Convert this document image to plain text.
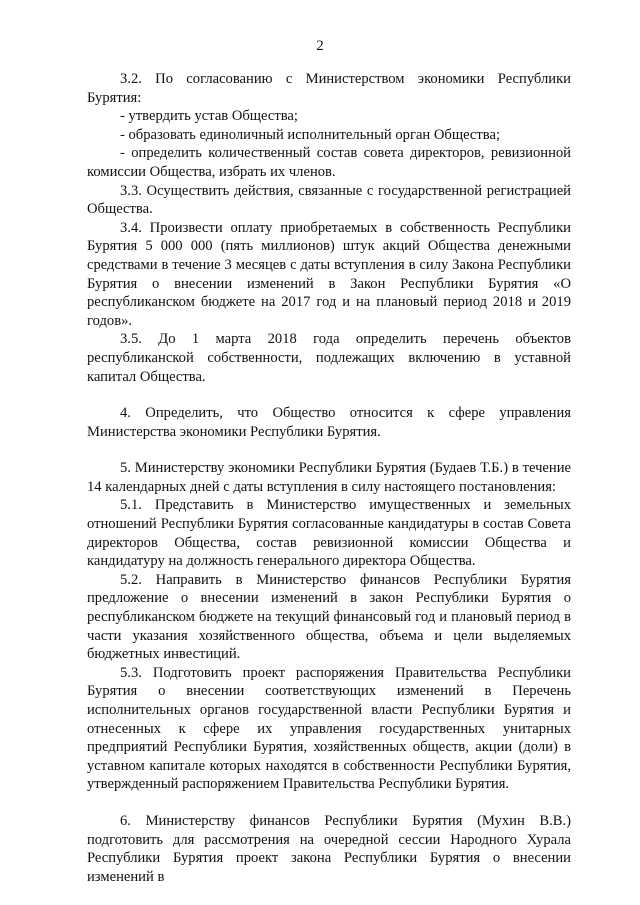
2

3.2. По согласованию с Министерством экономики Республики Бурятия:

- утвердить устав Общества;

- образовать единоличный исполнительный орган Общества;

- определить количественный состав совета директоров, ревизионной комиссии Общества, избрать их членов.

3.3. Осуществить действия, связанные с государственной регистрацией Общества.

3.4. Произвести оплату приобретаемых в собственность Республики Бурятия 5 000 000 (пять миллионов) штук акций Общества денежными средствами в течение 3 месяцев с даты вступления в силу Закона Республики Бурятия о внесении изменений в Закон Республики Бурятия «О республиканском бюджете на 2017 год и на плановый период 2018 и 2019 годов».

3.5. До 1 марта 2018 года определить перечень объектов республиканской собственности, подлежащих включению в уставной капитал Общества.

4. Определить, что Общество относится к сфере управления Министерства экономики Республики Бурятия.

5. Министерству экономики Республики Бурятия (Будаев Т.Б.) в течение 14 календарных дней с даты вступления в силу настоящего постановления:

5.1. Представить в Министерство имущественных и земельных отношений Республики Бурятия согласованные кандидатуры в состав Совета директоров Общества, состав ревизионной комиссии Общества и кандидатуру на должность генерального директора Общества.

5.2. Направить в Министерство финансов Республики Бурятия предложение о внесении изменений в закон Республики Бурятия о республиканском бюджете на текущий финансовый год и плановый период в части указания хозяйственного общества, объема и цели выделяемых бюджетных инвестиций.

5.3. Подготовить проект распоряжения Правительства Республики Бурятия о внесении соответствующих изменений в Перечень исполнительных органов государственной власти Республики Бурятия и отнесенных к сфере их управления государственных унитарных предприятий Республики Бурятия, хозяйственных обществ, акции (доли) в уставном капитале которых находятся в собственности Республики Бурятия, утвержденный распоряжением Правительства Республики Бурятия.

6. Министерству финансов Республики Бурятия (Мухин В.В.) подготовить для рассмотрения на очередной сессии Народного Хурала Республики Бурятия проект закона Республики Бурятия о внесении изменений в
